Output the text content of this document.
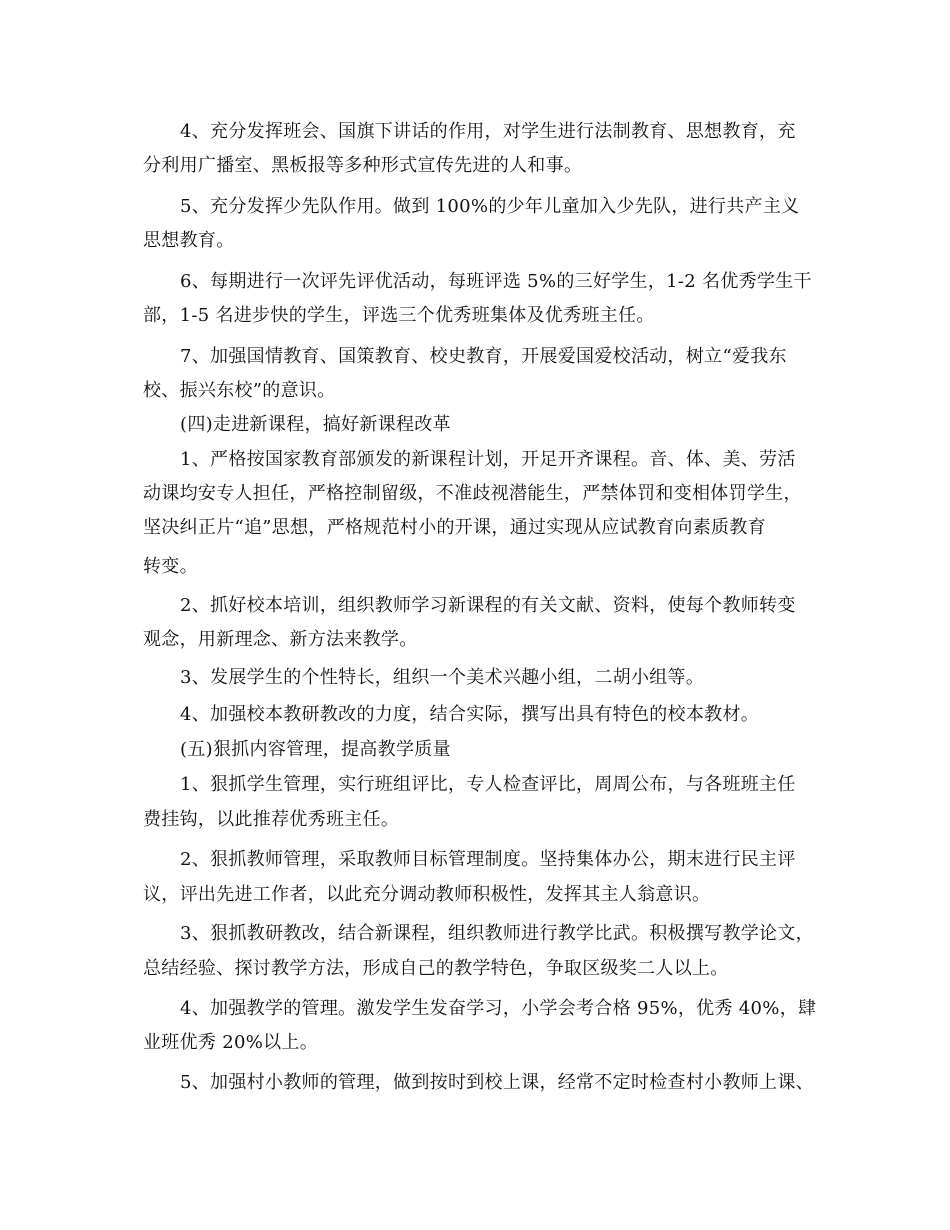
4、充分发挥班会、国旗下讲话的作用，对学生进行法制教育、思想教育，充
分利用广播室、黑板报等多种形式宣传先进的人和事。
5、充分发挥少先队作用。做到 100%的少年儿童加入少先队，进行共产主义
思想教育。
6、每期进行一次评先评优活动，每班评选 5%的三好学生，1-2 名优秀学生干
部，1-5 名进步快的学生，评选三个优秀班集体及优秀班主任。
7、加强国情教育、国策教育、校史教育，开展爱国爱校活动，树立“爱我东
校、振兴东校”的意识。
(四)走进新课程，搞好新课程改革
1、严格按国家教育部颁发的新课程计划，开足开齐课程。音、体、美、劳活
动课均安专人担任，严格控制留级，不准歧视潜能生，严禁体罚和变相体罚学生，
坚决纠正片“追”思想，严格规范村小的开课，通过实现从应试教育向素质教育
转变。
2、抓好校本培训，组织教师学习新课程的有关文献、资料，使每个教师转变
观念，用新理念、新方法来教学。
3、发展学生的个性特长，组织一个美术兴趣小组，二胡小组等。
4、加强校本教研教改的力度，结合实际，撰写出具有特色的校本教材。
(五)狠抓内容管理，提高教学质量
1、狠抓学生管理，实行班组评比，专人检查评比，周周公布，与各班班主任
费挂钩，以此推荐优秀班主任。
2、狠抓教师管理，采取教师目标管理制度。坚持集体办公，期末进行民主评
议，评出先进工作者，以此充分调动教师积极性，发挥其主人翁意识。
3、狠抓教研教改，结合新课程，组织教师进行教学比武。积极撰写教学论文，
总结经验、探讨教学方法，形成自己的教学特色，争取区级奖二人以上。
4、加强教学的管理。激发学生发奋学习，小学会考合格 95%，优秀 40%，肆
业班优秀 20%以上。
5、加强村小教师的管理，做到按时到校上课，经常不定时检查村小教师上课、
